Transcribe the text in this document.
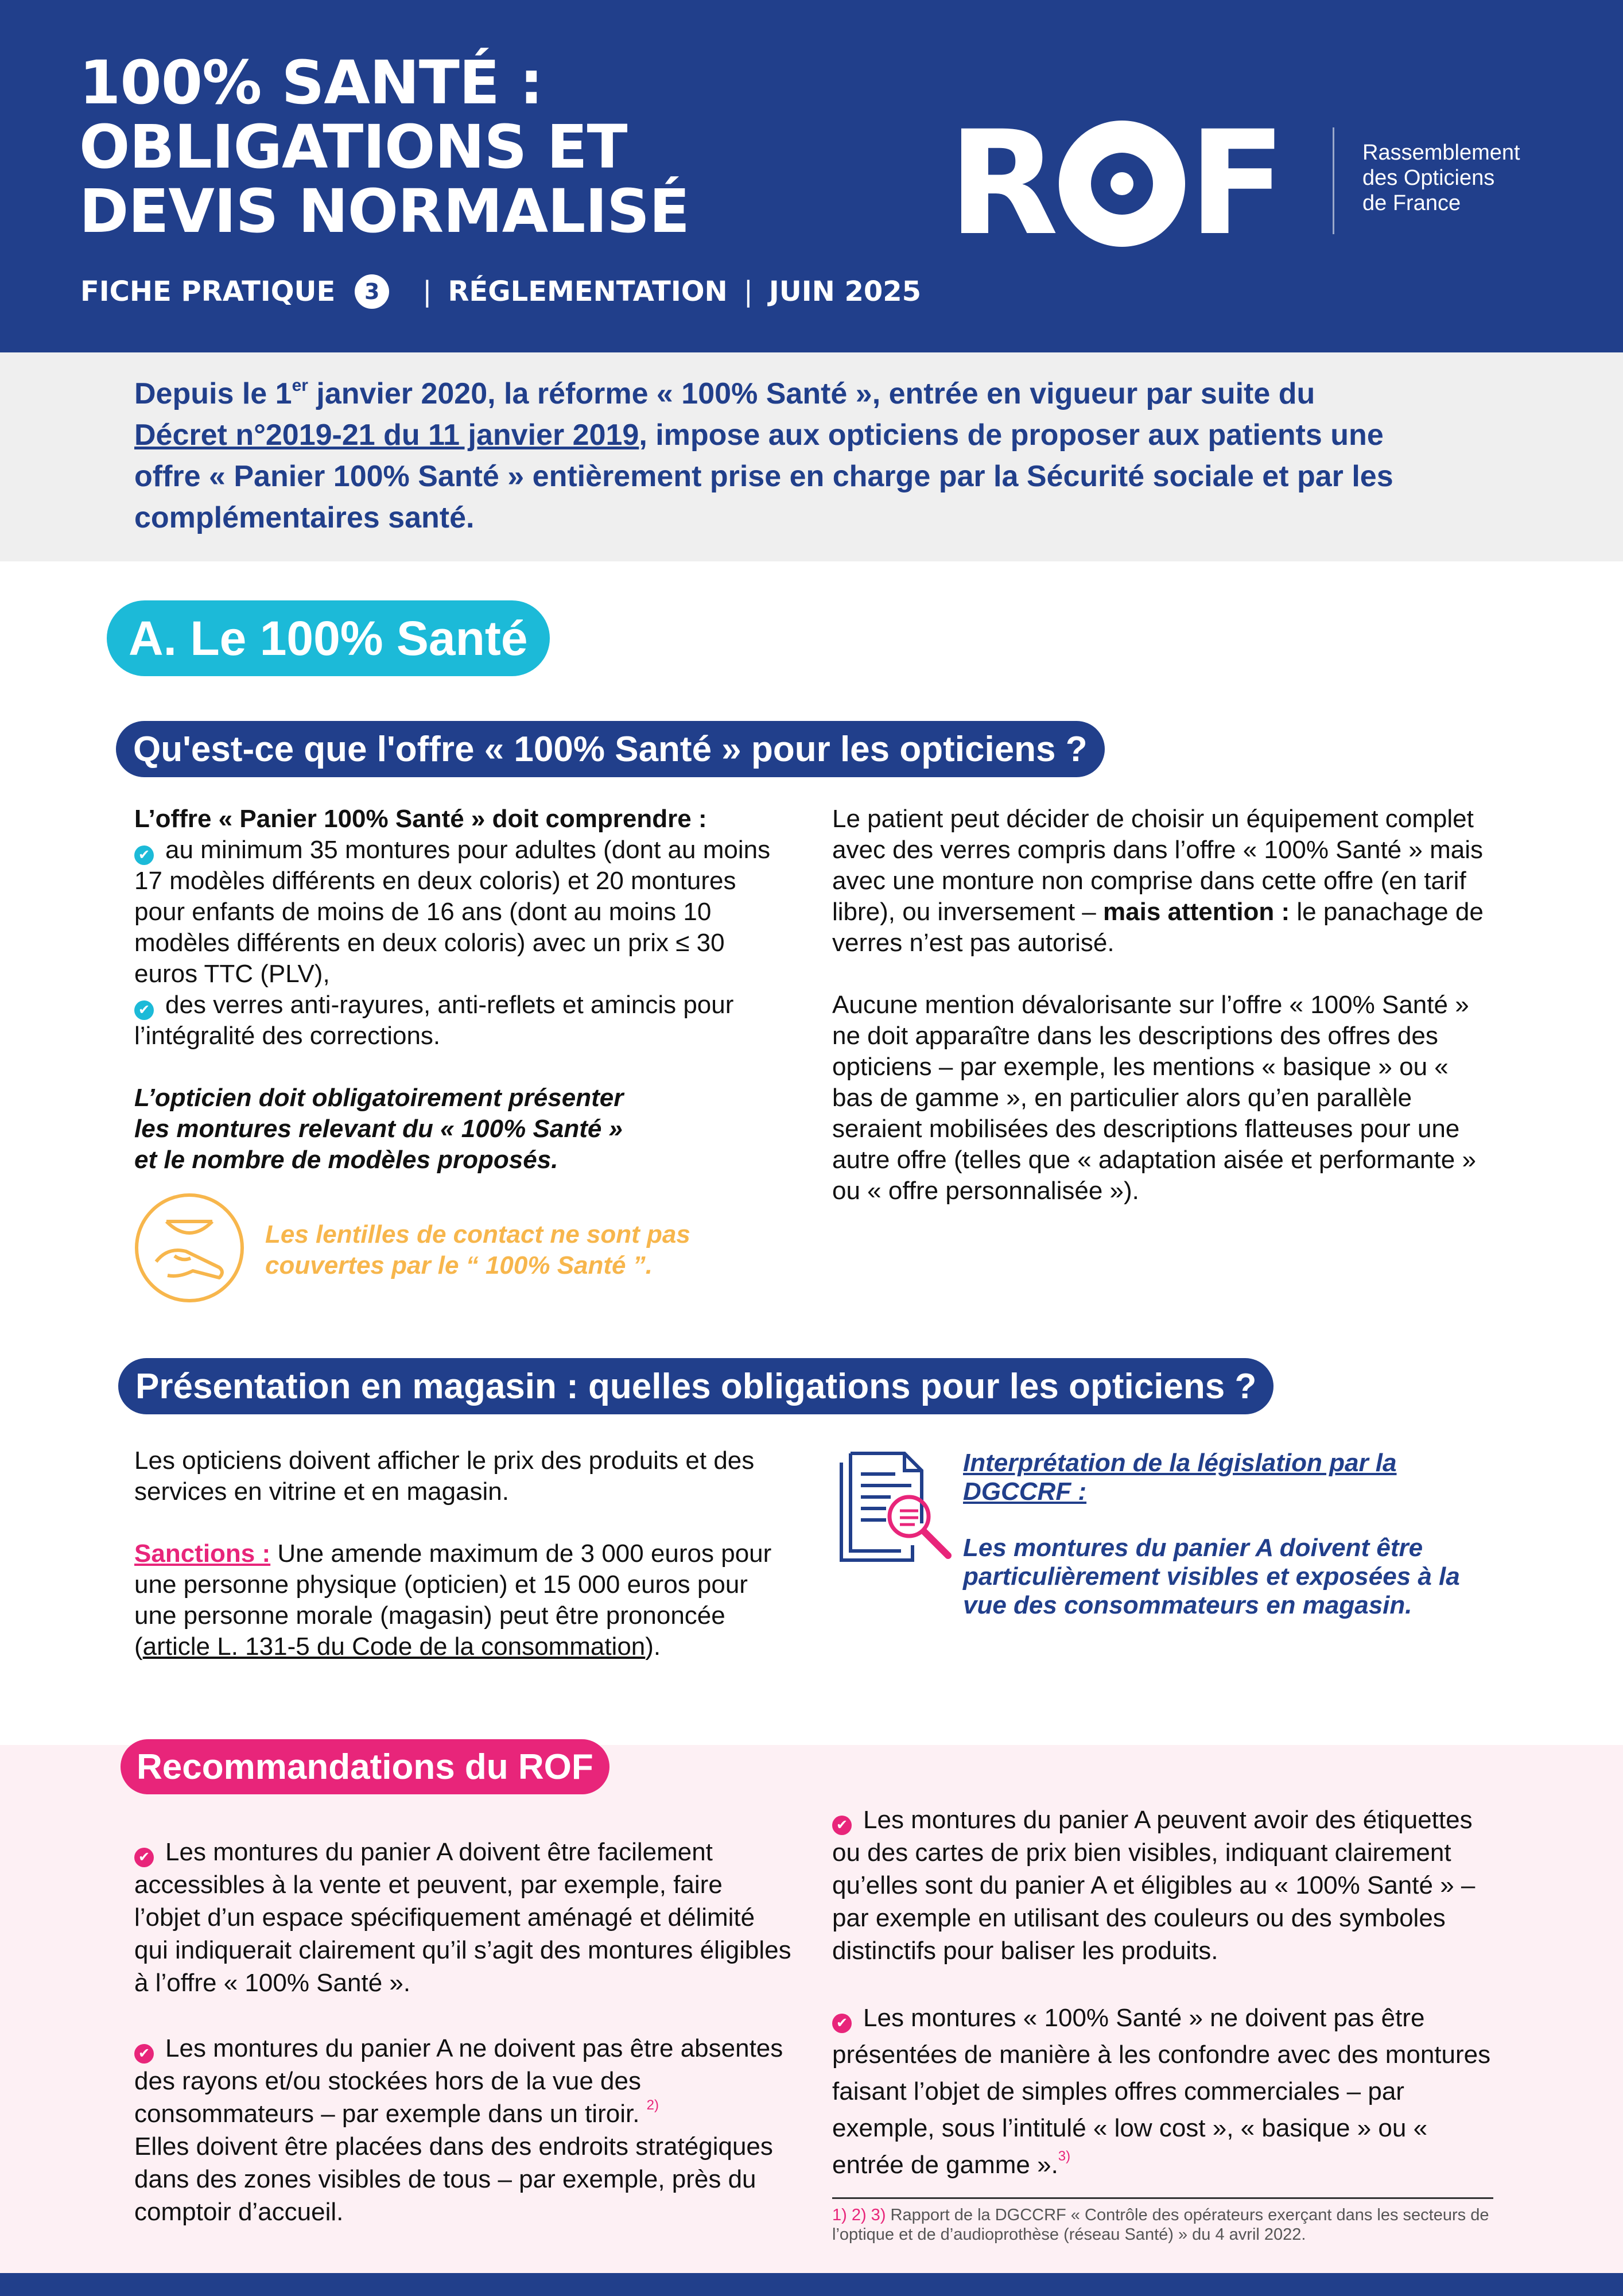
100% SANTÉ :
OBLIGATIONS ET
DEVIS NORMALISÉ
FICHE PRATIQUE	3	| RÉGLEMENTATION | JUIN 2025
R F	Rassemblement
des Opticiens
de France

Depuis le 1er janvier 2020, la réforme « 100% Santé », entrée en vigueur par suite du
Décret n°2019-21 du 11 janvier 2019, impose aux opticiens de proposer aux patients une offre « Panier 100% Santé » entièrement prise en charge par la Sécurité sociale et par les complémentaires santé.

A. Le 100% Santé
Qu'est-ce que l'offre « 100% Santé » pour les opticiens ?
L’offre « Panier 100% Santé » doit comprendre :
✔ au minimum 35 montures pour adultes (dont au moins 17 modèles différents en deux coloris) et 20 montures pour enfants de moins de 16 ans (dont au moins 10 modèles différents en deux coloris) avec un prix ≤ 30 euros TTC (PLV),
✔ des verres anti-rayures, anti-reflets et amincis pour l’intégralité des corrections.
L’opticien doit obligatoirement présenter
les montures relevant du « 100% Santé »
et le nombre de modèles proposés.
Les lentilles de contact ne sont pas
couvertes par le “ 100% Santé ”.
Le patient peut décider de choisir un équipement complet avec des verres compris dans l’offre « 100% Santé » mais avec une monture non comprise dans cette offre (en tarif libre), ou inversement – mais attention : le panachage de verres n’est pas autorisé.
Aucune mention dévalorisante sur l’offre « 100% Santé » ne doit apparaître dans les descriptions des offres des opticiens – par exemple, les mentions « basique » ou « bas de gamme », en particulier alors qu’en parallèle seraient mobilisées des descriptions flatteuses pour une autre offre (telles que « adaptation aisée et performante » ou « offre personnalisée »).
Présentation en magasin : quelles obligations pour les opticiens ?
Les opticiens doivent afficher le prix des produits et des services en vitrine et en magasin.
Sanctions : Une amende maximum de 3 000 euros pour une personne physique (opticien) et 15 000 euros pour une personne morale (magasin) peut être prononcée (article L. 131-5 du Code de la consommation).
Interprétation de la législation par la DGCCRF :
Les montures du panier A doivent être particulièrement visibles et exposées à la vue des consommateurs en magasin.
Recommandations du ROF
✔ Les montures du panier A doivent être facilement accessibles à la vente et peuvent, par exemple, faire l’objet d’un espace spécifiquement aménagé et délimité qui indiquerait clairement qu’il s’agit des montures éligibles à l’offre « 100% Santé ».
✔ Les montures du panier A ne doivent pas être absentes des rayons et/ou stockées hors de la vue des consommateurs – par exemple dans un tiroir. $^{2)}$
Elles doivent être placées dans des endroits stratégiques dans des zones visibles de tous – par exemple, près du comptoir d’accueil.
✔ Les montures du panier A peuvent avoir des étiquettes ou des cartes de prix bien visibles, indiquant clairement qu’elles sont du panier A et éligibles au « 100% Santé » – par exemple en utilisant des couleurs ou des symboles distinctifs pour baliser les produits.
✔ Les montures « 100% Santé » ne doivent pas être présentées de manière à les confondre avec des montures faisant l’objet de simples offres commerciales – par exemple, sous l’intitulé « low cost », « basique » ou « entrée de gamme ».$^{3)}$
1) 2) 3) Rapport de la DGCCRF « Contrôle des opérateurs exerçant dans les secteurs de l’optique et de d’audioprothèse (réseau Santé) » du 4 avril 2022.
